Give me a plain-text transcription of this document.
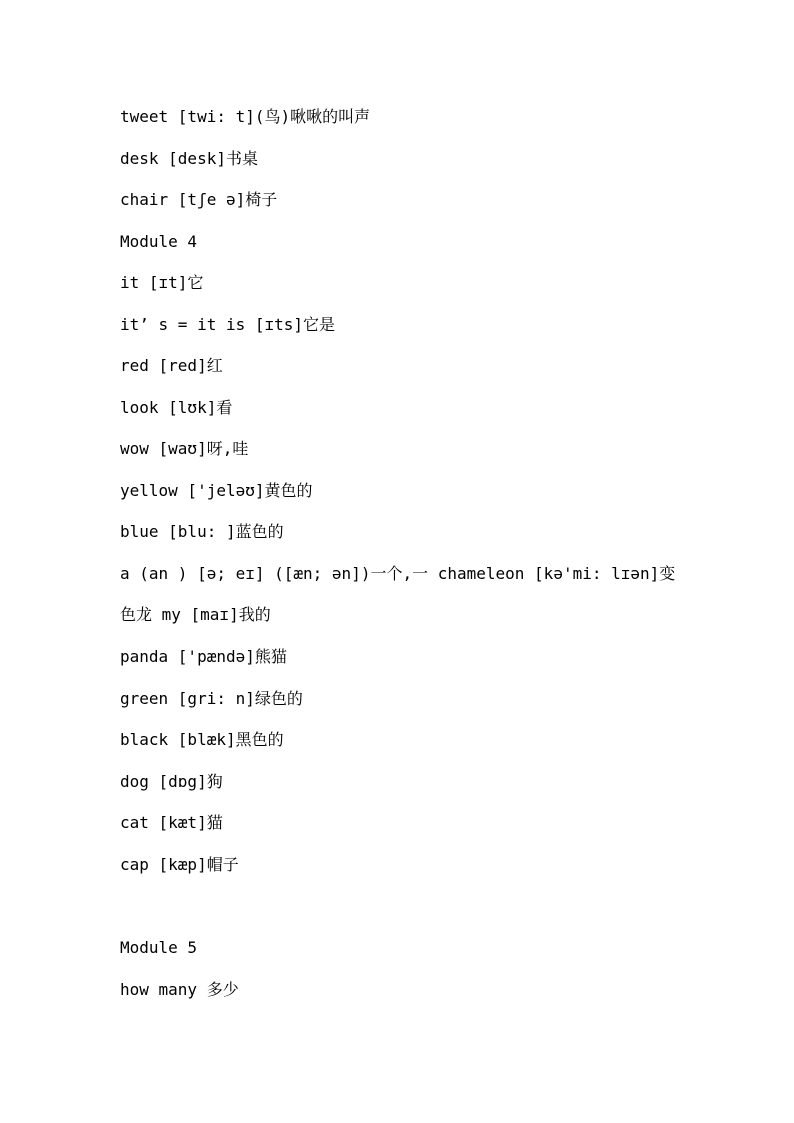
tweet [twi: t](鸟)啾啾的叫声
desk [desk]书桌
chair [tʃe ə]椅子
Module 4
it [ɪt]它
it’ s = it is [ɪts]它是
red [red]红
look [lʊk]看
wow [waʊ]呀,哇
yellow ['jeləʊ]黄色的
blue [blu: ]蓝色的
a (an ) [ə; eɪ] ([æn; ən])一个,一 chameleon [kə'mi: lɪən]变
色龙 my [maɪ]我的
panda ['pændə]熊猫
green [gri: n]绿色的
black [blæk]黑色的
dog [dɒg]狗
cat [kæt]猫
cap [kæp]帽子
Module 5
how many 多少
